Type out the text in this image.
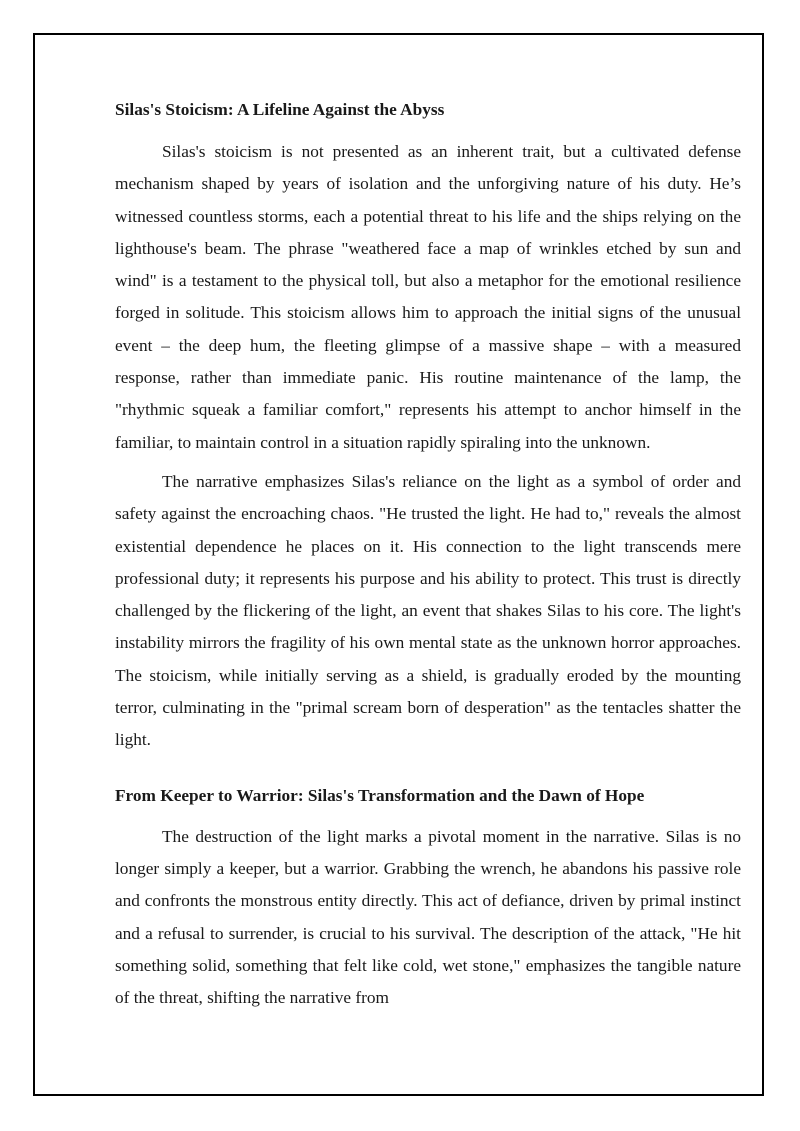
Silas's Stoicism: A Lifeline Against the Abyss

Silas's stoicism is not presented as an inherent trait, but a cultivated defense mechanism shaped by years of isolation and the unforgiving nature of his duty. He’s witnessed countless storms, each a potential threat to his life and the ships relying on the lighthouse's beam. The phrase "weathered face a map of wrinkles etched by sun and wind" is a testament to the physical toll, but also a metaphor for the emotional resilience forged in solitude. This stoicism allows him to approach the initial signs of the unusual event – the deep hum, the fleeting glimpse of a massive shape – with a measured response, rather than immediate panic. His routine maintenance of the lamp, the "rhythmic squeak a familiar comfort," represents his attempt to anchor himself in the familiar, to maintain control in a situation rapidly spiraling into the unknown.

The narrative emphasizes Silas's reliance on the light as a symbol of order and safety against the encroaching chaos. "He trusted the light. He had to," reveals the almost existential dependence he places on it. His connection to the light transcends mere professional duty; it represents his purpose and his ability to protect. This trust is directly challenged by the flickering of the light, an event that shakes Silas to his core. The light's instability mirrors the fragility of his own mental state as the unknown horror approaches. The stoicism, while initially serving as a shield, is gradually eroded by the mounting terror, culminating in the "primal scream born of desperation" as the tentacles shatter the light.

From Keeper to Warrior: Silas's Transformation and the Dawn of Hope

The destruction of the light marks a pivotal moment in the narrative. Silas is no longer simply a keeper, but a warrior. Grabbing the wrench, he abandons his passive role and confronts the monstrous entity directly. This act of defiance, driven by primal instinct and a refusal to surrender, is crucial to his survival. The description of the attack, "He hit something solid, something that felt like cold, wet stone," emphasizes the tangible nature of the threat, shifting the narrative from
